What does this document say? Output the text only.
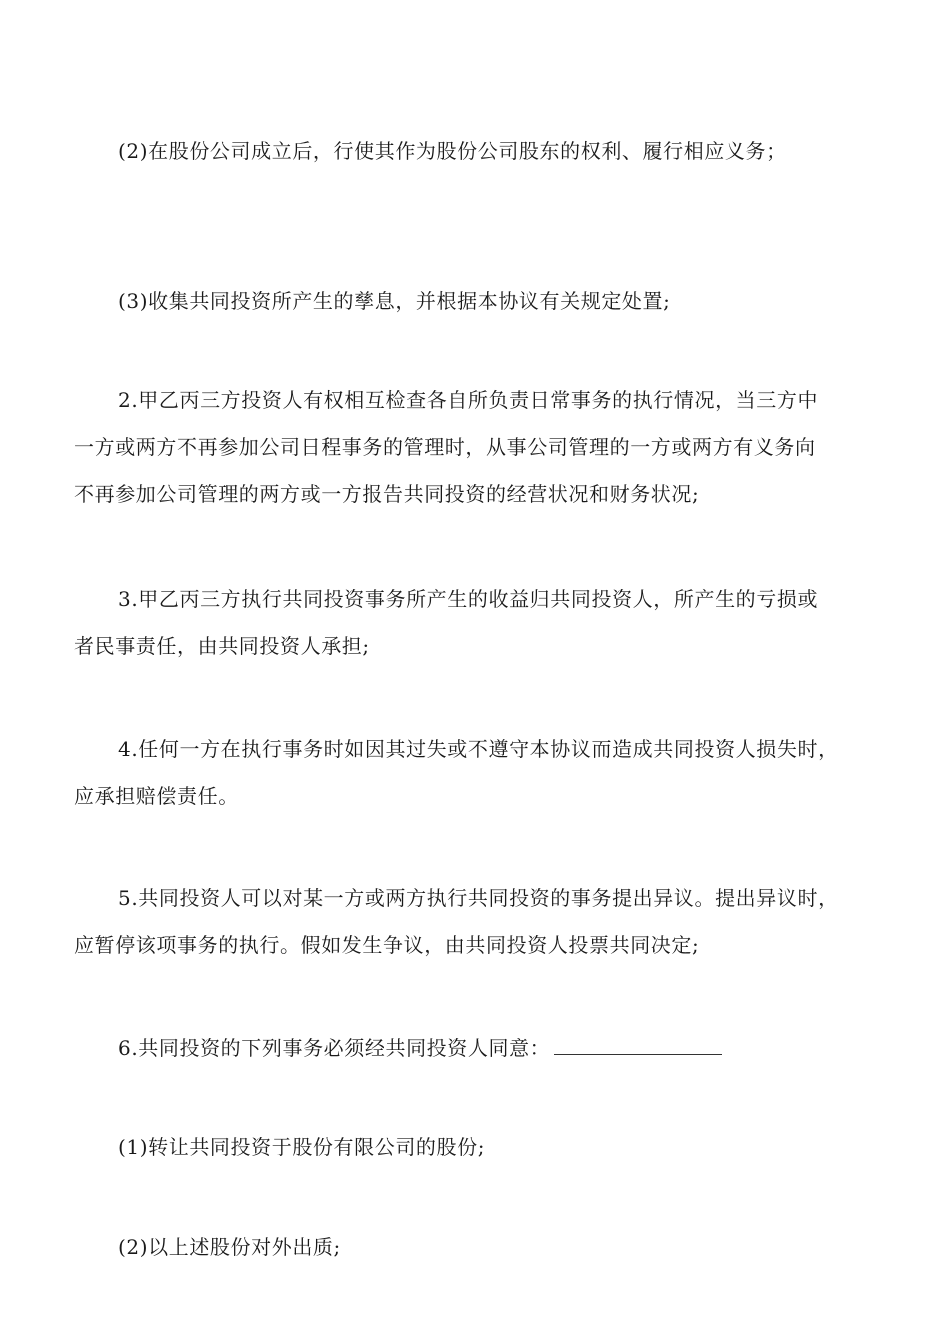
(2)在股份公司成立后，行使其作为股份公司股东的权利、履行相应义务；

(3)收集共同投资所产生的孳息，并根据本协议有关规定处置;

2.甲乙丙三方投资人有权相互检查各自所负责日常事务的执行情况，当三方中
一方或两方不再参加公司日程事务的管理时，从事公司管理的一方或两方有义务向
不再参加公司管理的两方或一方报告共同投资的经营状况和财务状况;

3.甲乙丙三方执行共同投资事务所产生的收益归共同投资人，所产生的亏损或
者民事责任，由共同投资人承担;

4.任何一方在执行事务时如因其过失或不遵守本协议而造成共同投资人损失时，
应承担赔偿责任。

5.共同投资人可以对某一方或两方执行共同投资的事务提出异议。提出异议时，
应暂停该项事务的执行。假如发生争议，由共同投资人投票共同决定;

6.共同投资的下列事务必须经共同投资人同意：

(1)转让共同投资于股份有限公司的股份;

(2)以上述股份对外出质;
